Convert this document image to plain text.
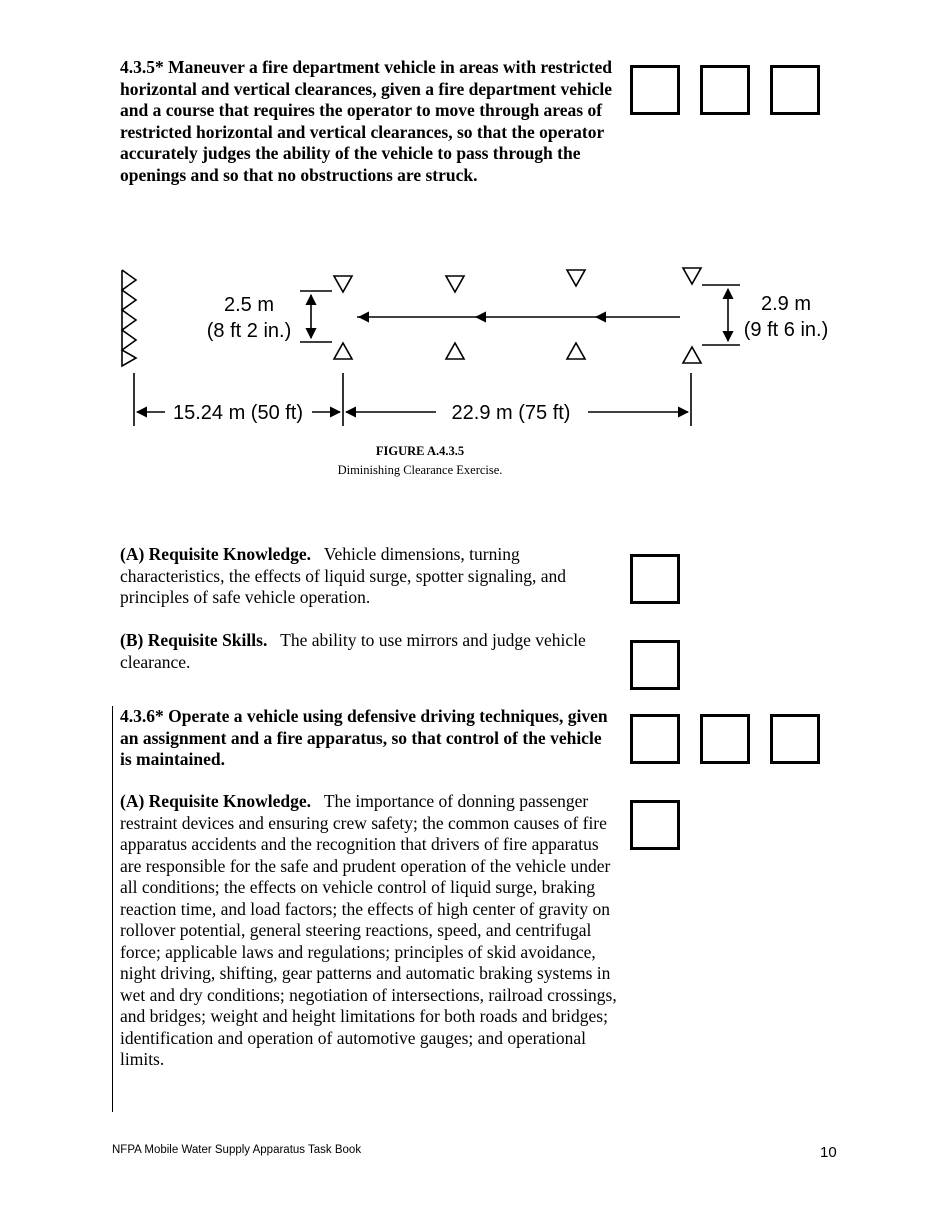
4.3.5* Maneuver a fire department vehicle in areas with restricted horizontal and vertical clearances, given a fire department vehicle and a course that requires the operator to move through areas of restricted horizontal and vertical clearances, so that the operator accurately judges the ability of the vehicle to pass through the openings and so that no obstructions are struck.
2.5 m
(8 ft 2 in.)
2.9 m
(9 ft 6 in.)
15.24 m (50 ft)	22.9 m (75 ft)
FIGURE A.4.3.5
Diminishing Clearance Exercise.
(A) Requisite Knowledge. Vehicle dimensions, turning characteristics, the effects of liquid surge, spotter signaling, and principles of safe vehicle operation.
(B) Requisite Skills. The ability to use mirrors and judge vehicle clearance.
4.3.6* Operate a vehicle using defensive driving techniques, given an assignment and a fire apparatus, so that control of the vehicle is maintained.
(A) Requisite Knowledge. The importance of donning passenger restraint devices and ensuring crew safety; the common causes of fire apparatus accidents and the recognition that drivers of fire apparatus are responsible for the safe and prudent operation of the vehicle under all conditions; the effects on vehicle control of liquid surge, braking reaction time, and load factors; the effects of high center of gravity on rollover potential, general steering reactions, speed, and centrifugal force; applicable laws and regulations; principles of skid avoidance, night driving, shifting, gear patterns and automatic braking systems in wet and dry conditions; negotiation of intersections, railroad crossings, and bridges; weight and height limitations for both roads and bridges; identification and operation of automotive gauges; and operational limits.
NFPA Mobile Water Supply Apparatus Task Book	10
